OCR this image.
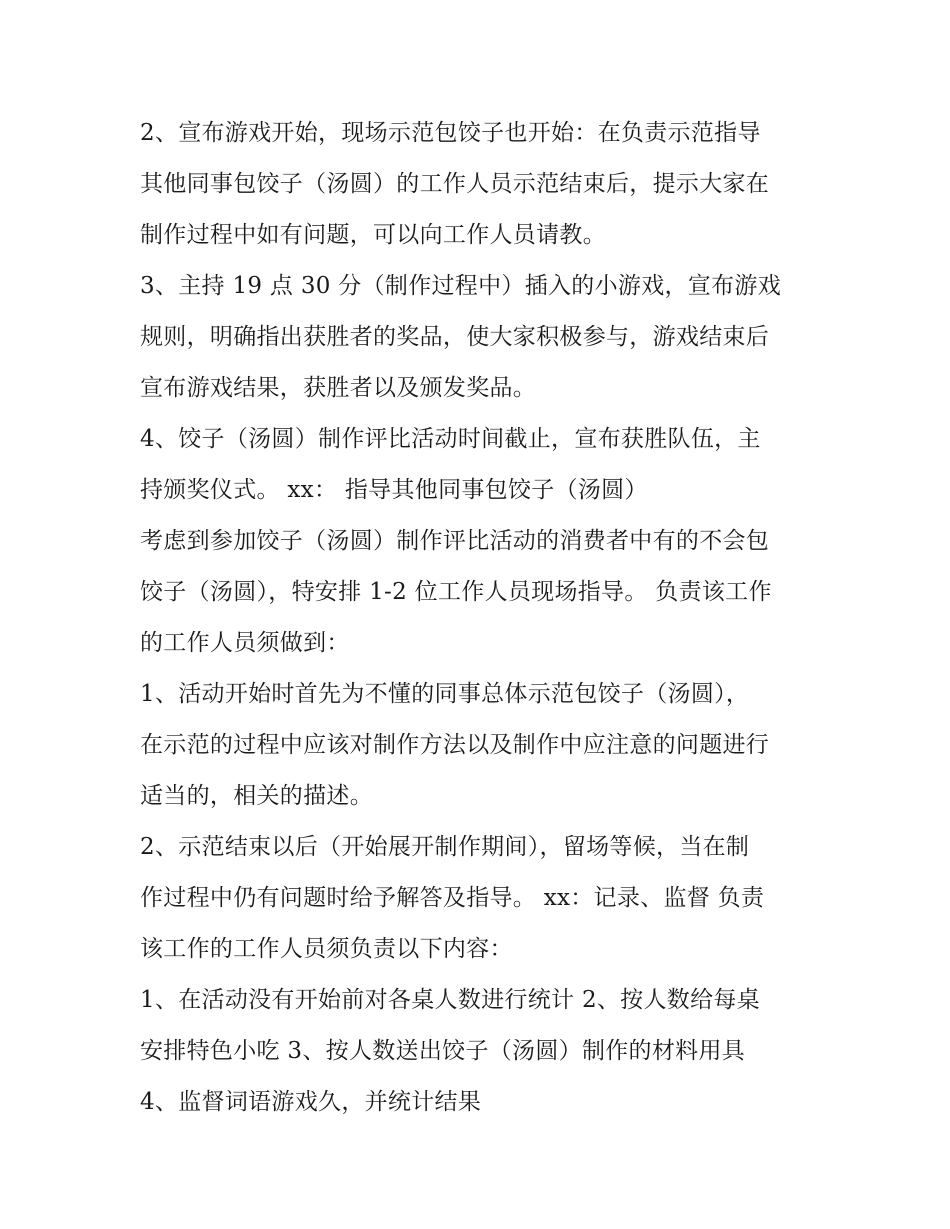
2、宣布游戏开始，现场示范包饺子也开始：在负责示范指导
其他同事包饺子（汤圆）的工作人员示范结束后，提示大家在
制作过程中如有问题，可以向工作人员请教。
3、主持 19 点 30 分（制作过程中）插入的小游戏，宣布游戏
规则，明确指出获胜者的奖品，使大家积极参与，游戏结束后
宣布游戏结果，获胜者以及颁发奖品。
4、饺子（汤圆）制作评比活动时间截止，宣布获胜队伍，主
持颁奖仪式。 xx： 指导其他同事包饺子（汤圆）
考虑到参加饺子（汤圆）制作评比活动的消费者中有的不会包
饺子（汤圆），特安排 1-2 位工作人员现场指导。 负责该工作
的工作人员须做到：
1、活动开始时首先为不懂的同事总体示范包饺子（汤圆），
在示范的过程中应该对制作方法以及制作中应注意的问题进行
适当的，相关的描述。
2、示范结束以后（开始展开制作期间），留场等候，当在制
作过程中仍有问题时给予解答及指导。 xx：记录、监督 负责
该工作的工作人员须负责以下内容：
1、在活动没有开始前对各桌人数进行统计 2、按人数给每桌
安排特色小吃 3、按人数送出饺子（汤圆）制作的材料用具
4、监督词语游戏久，并统计结果
